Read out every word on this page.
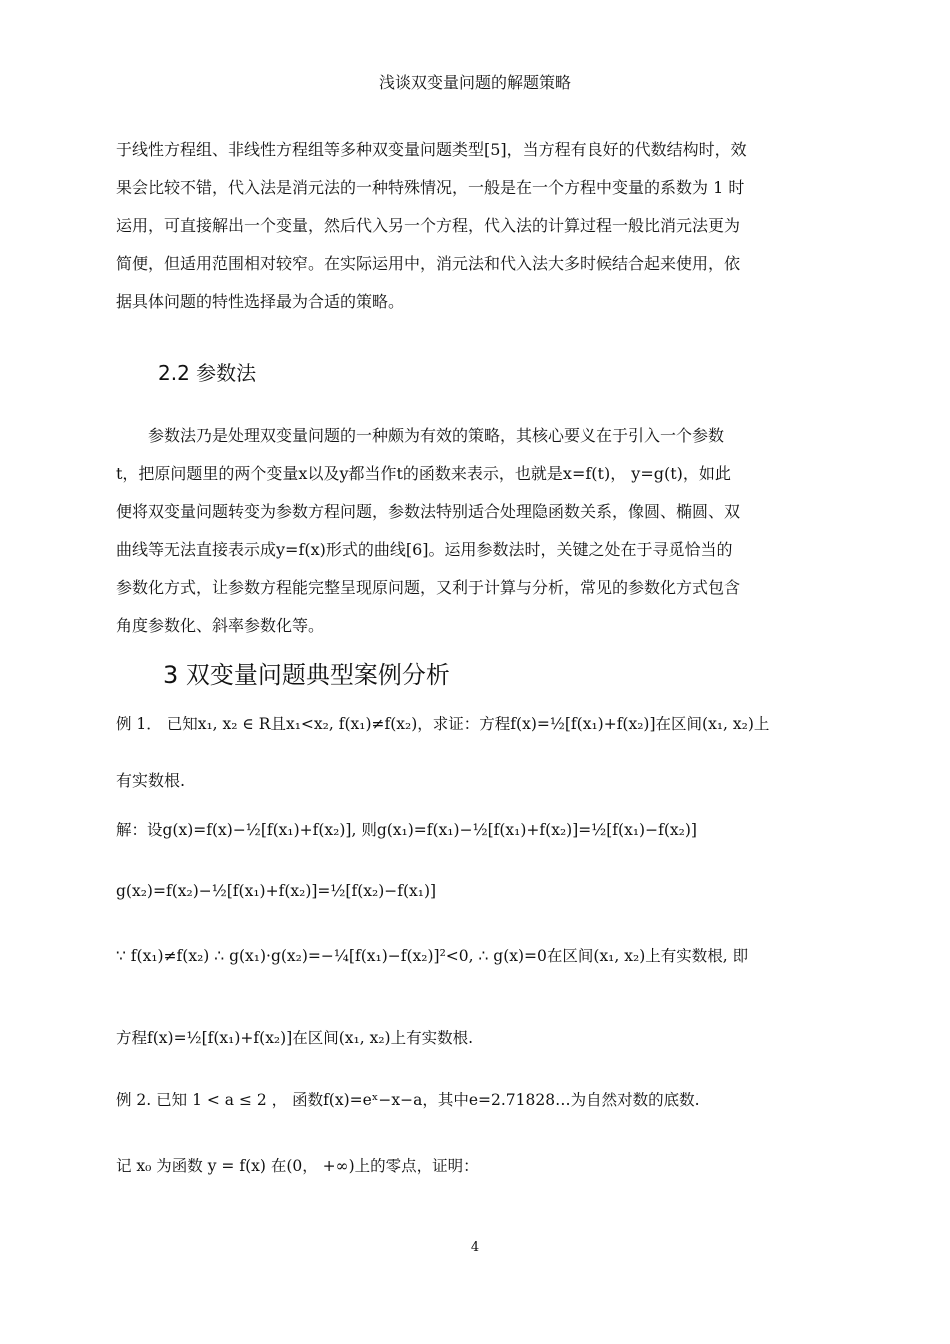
浅谈双变量问题的解题策略
于线性方程组、非线性方程组等多种双变量问题类型[5]，当方程有良好的代数结构时，效
果会比较不错，代入法是消元法的一种特殊情况，一般是在一个方程中变量的系数为 1 时
运用，可直接解出一个变量，然后代入另一个方程，代入法的计算过程一般比消元法更为
简便，但适用范围相对较窄。在实际运用中，消元法和代入法大多时候结合起来使用，依
据具体问题的特性选择最为合适的策略。
2.2 参数法
　　参数法乃是处理双变量问题的一种颇为有效的策略，其核心要义在于引入一个参数
t，把原问题里的两个变量x以及y都当作t的函数来表示，也就是x=f(t)， y=g(t)，如此
便将双变量问题转变为参数方程问题，参数法特别适合处理隐函数关系，像圆、椭圆、双
曲线等无法直接表示成y=f(x)形式的曲线[6]。运用参数法时，关键之处在于寻觅恰当的
参数化方式，让参数方程能完整呈现原问题，又利于计算与分析，常见的参数化方式包含
角度参数化、斜率参数化等。
3 双变量问题典型案例分析
例 1． 已知x₁, x₂ ∈ R且x₁<x₂, f(x₁)≠f(x₂)，求证：方程f(x)=½[f(x₁)+f(x₂)]在区间(x₁, x₂)上
有实数根.
解：设g(x)=f(x)−½[f(x₁)+f(x₂)], 则g(x₁)=f(x₁)−½[f(x₁)+f(x₂)]=½[f(x₁)−f(x₂)]
g(x₂)=f(x₂)−½[f(x₁)+f(x₂)]=½[f(x₂)−f(x₁)]
∵ f(x₁)≠f(x₂) ∴ g(x₁)·g(x₂)=−¼[f(x₁)−f(x₂)]²<0, ∴ g(x)=0在区间(x₁, x₂)上有实数根, 即
方程f(x)=½[f(x₁)+f(x₂)]在区间(x₁, x₂)上有实数根.
例 2. 已知 1 < a ≤ 2 ， 函数f(x)=eˣ−x−a，其中e=2.71828…为自然对数的底数.
记 x₀ 为函数 y = f(x) 在(0， +∞)上的零点，证明：
4
